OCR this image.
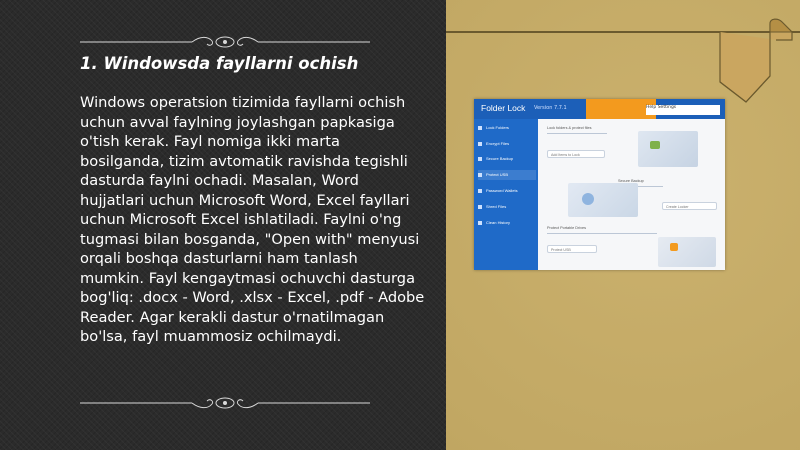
1. Windowsda fayllarni ochish

Windows operatsion tizimida fayllarni ochish uchun avval faylning joylashgan papkasiga o'tish kerak. Fayl nomiga ikki marta bosilganda, tizim avtomatik ravishda tegishli dasturda faylni ochadi. Masalan, Word hujjatlari uchun Microsoft Word, Excel fayllari uchun Microsoft Excel ishlatiladi. Faylni o'ng tugmasi bilan bosganda, "Open with" menyusi orqali boshqa dasturlarni ham tanlash mumkin. Fayl kengaytmasi ochuvchi dasturga bog'liq: .docx - Word, .xlsx - Excel, .pdf - Adobe Reader. Agar kerakli dastur o'rnatilmagan bo'lsa, fayl muammosiz ochilmaydi.

Folder Lock Version 7.7.1	Help Settings
Lock Folders
Encrypt Files
Secure Backup
Protect USB
Password Wallets
Shred Files
Clean History
Lock folders & protect files
Add Items to Lock
Secure Backup
Create Locker
Protect Portable Drives
Protect USB
